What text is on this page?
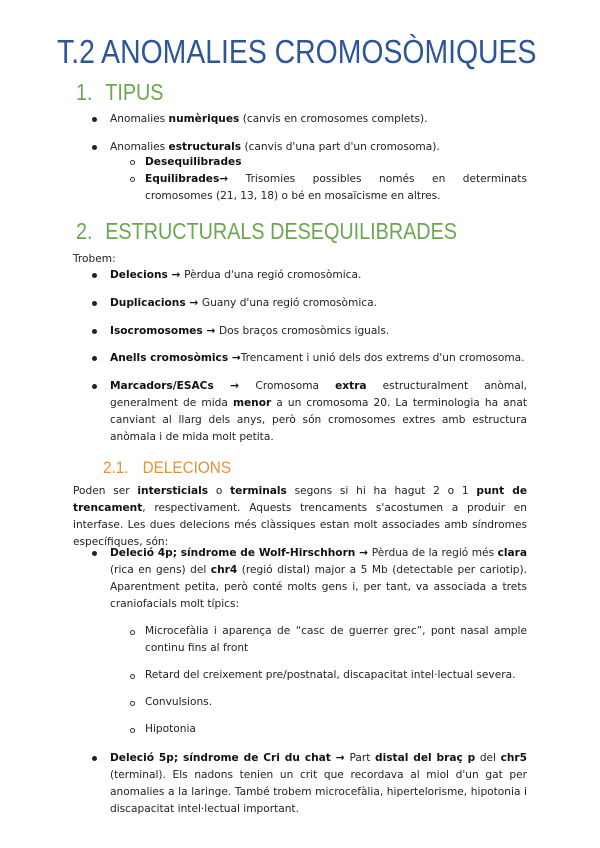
T.2 ANOMALIES CROMOSÒMIQUES
1. TIPUS

Anomalies numèriques (canvis en cromosomes complets).

Anomalies estructurals (canvis d'una part d'un cromosoma).

Desequilibrades

Equilibrades→ Trisomies possibles només en determinats cromosomes (21, 13, 18) o bé en mosaïcisme en altres.

2. ESTRUCTURALS DESEQUILIBRADES

Trobem:

Delecions → Pèrdua d'una regió cromosòmica.

Duplicacions → Guany d'una regió cromosòmica.

Isocromosomes → Dos braços cromosòmics iguals.

Anells cromosòmics →Trencament i unió dels dos extrems d'un cromosoma.

Marcadors/ESACs → Cromosoma extra estructuralment anòmal, generalment de mida menor a un cromosoma 20. La terminologia ha anat canviant al llarg dels anys, però són cromosomes extres amb estructura anòmala i de mida molt petita.

2.1. DELECIONS

Poden ser intersticials o terminals segons si hi ha hagut 2 o 1 punt de trencament, respectivament. Aquests trencaments s'acostumen a produir en interfase. Les dues delecions més clàssiques estan molt associades amb síndromes específiques, són:

Deleció 4p; síndrome de Wolf-Hirschhorn → Pèrdua de la regió més clara (rica en gens) del chr4 (regió distal) major a 5 Mb (detectable per cariotip). Aparentment petita, però conté molts gens i, per tant, va associada a trets craniofacials molt típics:

Microcefàlia i aparença de “casc de guerrer grec”, pont nasal ample continu fins al front

Retard del creixement pre/postnatal, discapacitat intel·lectual severa.

Convulsions.

Hipotonia

Deleció 5p; síndrome de Cri du chat → Part distal del braç p del chr5 (terminal). Els nadons tenien un crit que recordava al miol d'un gat per anomalies a la laringe. També trobem microcefàlia, hipertelorisme, hipotonia i discapacitat intel·lectual important.
